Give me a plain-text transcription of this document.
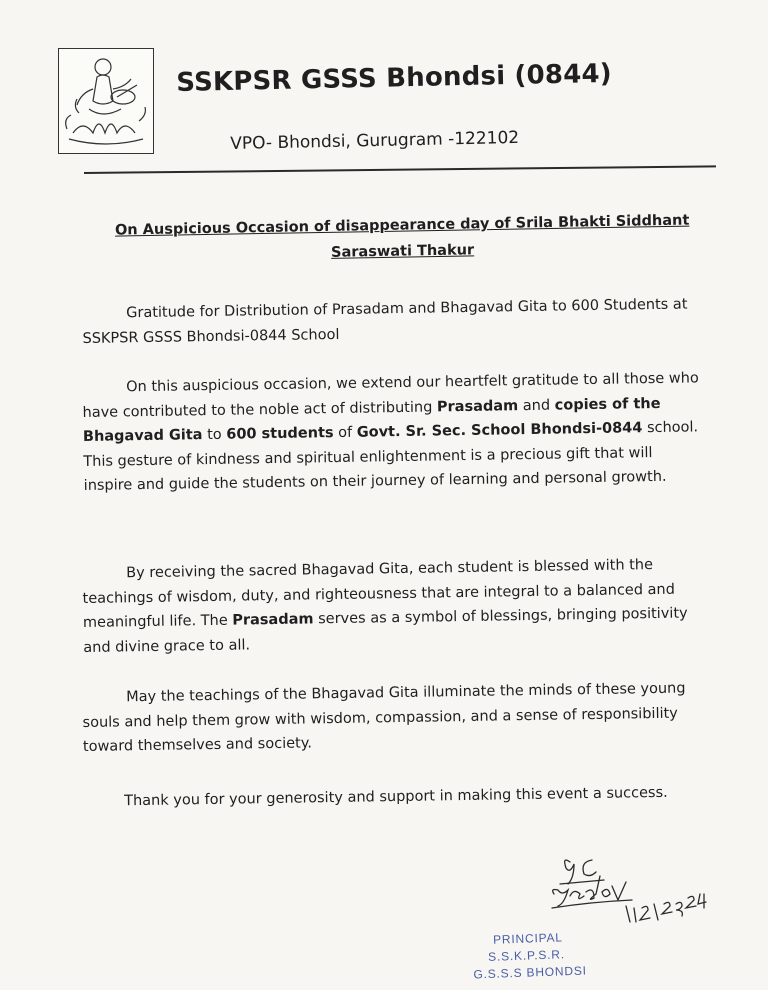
SSKPSR GSSS Bhondsi (0844)
VPO- Bhondsi, Gurugram -122102
On Auspicious Occasion of disappearance day of Srila Bhakti Siddhant
Saraswati Thakur
Gratitude for Distribution of Prasadam and Bhagavad Gita to 600 Students at SSKPSR GSSS Bhondsi-0844 School
On this auspicious occasion, we extend our heartfelt gratitude to all those who have contributed to the noble act of distributing Prasadam and copies of the Bhagavad Gita to 600 students of Govt. Sr. Sec. School Bhondsi-0844 school. This gesture of kindness and spiritual enlightenment is a precious gift that will inspire and guide the students on their journey of learning and personal growth.
By receiving the sacred Bhagavad Gita, each student is blessed with the teachings of wisdom, duty, and righteousness that are integral to a balanced and meaningful life. The Prasadam serves as a symbol of blessings, bringing positivity and divine grace to all.
May the teachings of the Bhagavad Gita illuminate the minds of these young souls and help them grow with wisdom, compassion, and a sense of responsibility toward themselves and society.
Thank you for your generosity and support in making this event a success.
PRINCIPAL
S.S.K.P.S.R.
G.S.S.S BHONDSI
